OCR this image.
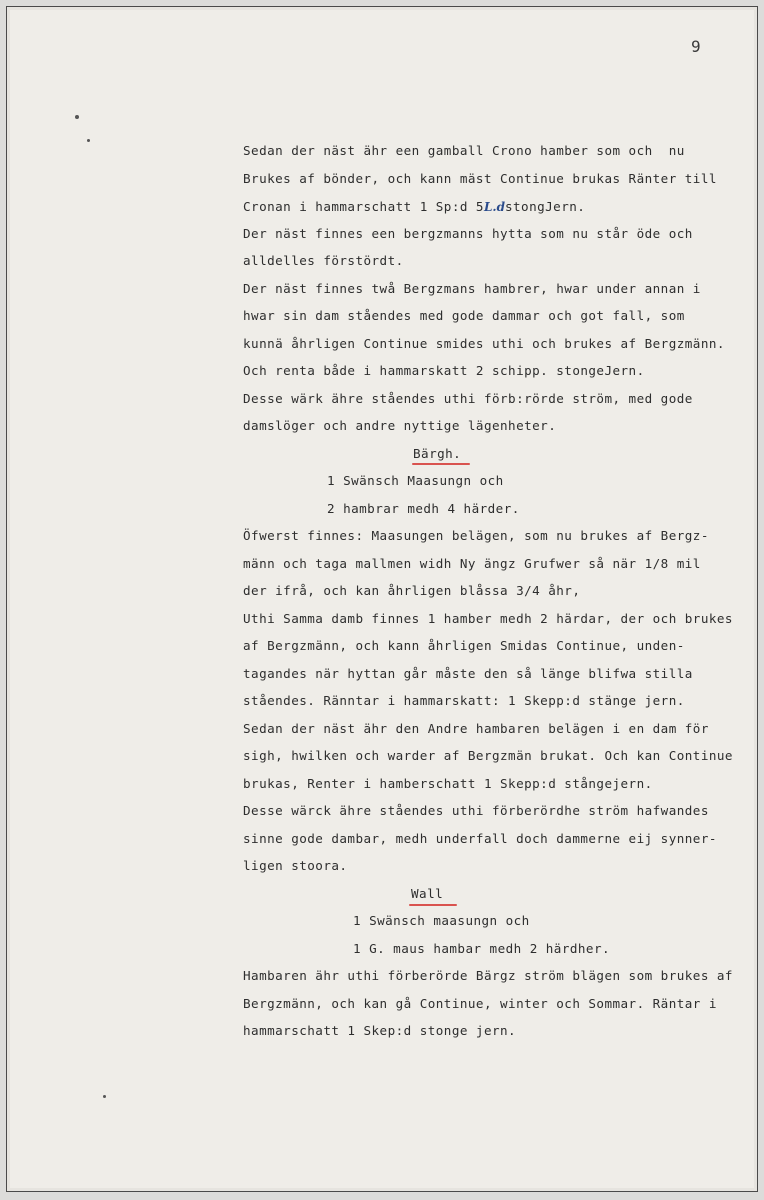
9
Sedan der näst ähr een gamball Crono hamber som och  nu
Brukes af bönder, och kann mäst Continue brukas Ränter till
Cronan i hammarschatt 1 Sp:d 5L.dstongJern.
Der näst finnes een bergzmanns hytta som nu står öde och
alldelles förstördt.
Der näst finnes twå Bergzmans hambrer, hwar under annan i
hwar sin dam ståendes med gode dammar och got fall, som
kunnä åhrligen Continue smides uthi och brukes af Bergzmänn.
Och renta både i hammarskatt 2 schipp. stongeJern.
Desse wärk ähre ståendes uthi förb:rörde ström, med gode
damslöger och andre nyttige lägenheter.
Bärgh.
1 Swänsch Maasungn och
2 hambrar medh 4 härder.
Öfwerst finnes: Maasungen belägen, som nu brukes af Bergz-
männ och taga mallmen widh Ny ängz Grufwer så när 1/8 mil
der ifrå, och kan åhrligen blåssa 3/4 åhr,
Uthi Samma damb finnes 1 hamber medh 2 härdar, der och brukes
af Bergzmänn, och kann åhrligen Smidas Continue, unden-
tagandes när hyttan går måste den så länge blifwa stilla
ståendes. Ränntar i hammarskatt: 1 Skepp:d stänge jern.
Sedan der näst ähr den Andre hambaren belägen i en dam för
sigh, hwilken och warder af Bergzmän brukat. Och kan Continue
brukas, Renter i hamberschatt 1 Skepp:d stångejern.
Desse wärck ähre ståendes uthi förberördhe ström hafwandes
sinne gode dambar, medh underfall doch dammerne eij synner-
ligen stoora.
Wall
1 Swänsch maasungn och
1 G. maus hambar medh 2 härdher.
Hambaren ähr uthi förberörde Bärgz ström blägen som brukes af
Bergzmänn, och kan gå Continue, winter och Sommar. Räntar i
hammarschatt 1 Skep:d stonge jern.
